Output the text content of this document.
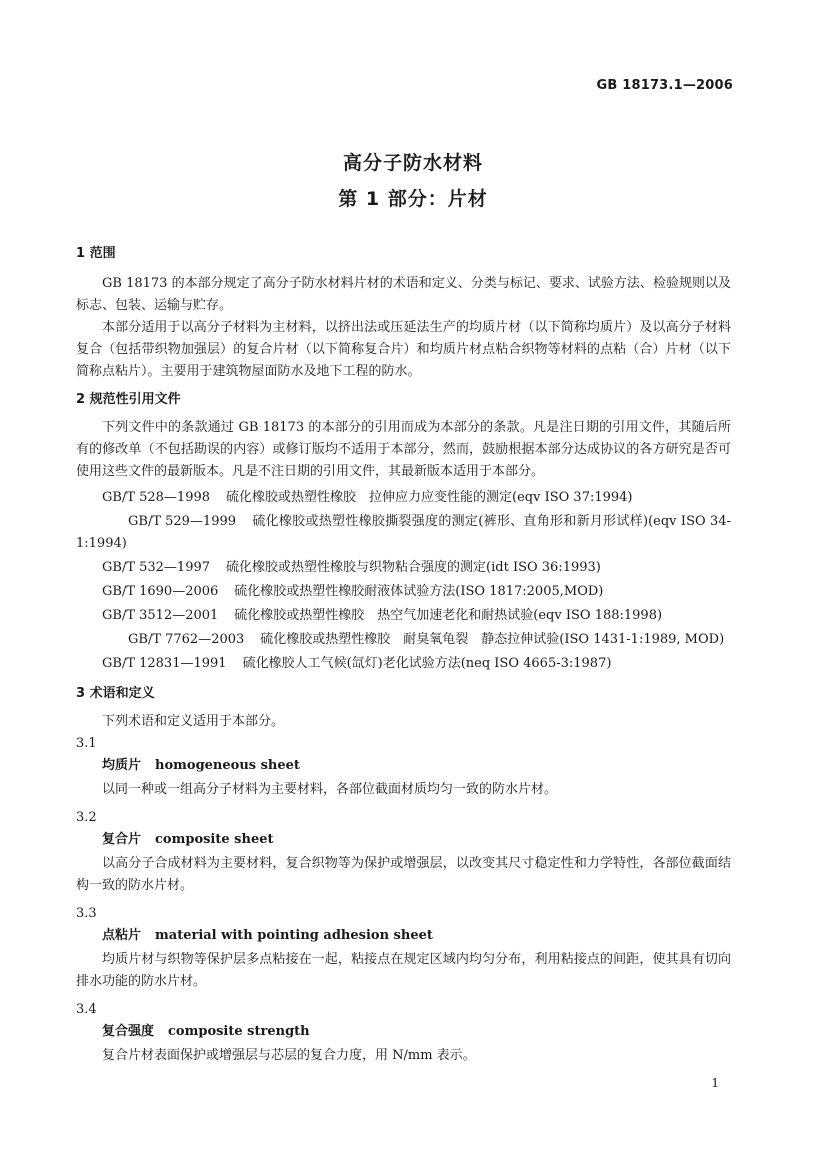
GB 18173.1—2006
高分子防水材料
第 1 部分：片材

1 范围

GB 18173 的本部分规定了高分子防水材料片材的术语和定义、分类与标记、要求、试验方法、检验规则以及标志、包装、运输与贮存。

本部分适用于以高分子材料为主材料，以挤出法或压延法生产的均质片材（以下简称均质片）及以高分子材料复合（包括带织物加强层）的复合片材（以下简称复合片）和均质片材点粘合织物等材料的点粘（合）片材（以下简称点粘片）。主要用于建筑物屋面防水及地下工程的防水。

2 规范性引用文件

下列文件中的条款通过 GB 18173 的本部分的引用而成为本部分的条款。凡是注日期的引用文件，其随后所有的修改单（不包括勘误的内容）或修订版均不适用于本部分，然而，鼓励根据本部分达成协议的各方研究是否可使用这些文件的最新版本。凡是不注日期的引用文件，其最新版本适用于本部分。

GB/T 528—1998 硫化橡胶或热塑性橡胶　拉伸应力应变性能的测定(eqv ISO 37:1994)

GB/T 529—1999 硫化橡胶或热塑性橡胶撕裂强度的测定(裤形、直角形和新月形试样)(eqv ISO 34-1:1994)

GB/T 532—1997 硫化橡胶或热塑性橡胶与织物粘合强度的测定(idt ISO 36:1993)

GB/T 1690—2006 硫化橡胶或热塑性橡胶耐液体试验方法(ISO 1817:2005,MOD)

GB/T 3512—2001 硫化橡胶或热塑性橡胶　热空气加速老化和耐热试验(eqv ISO 188:1998)

GB/T 7762—2003 硫化橡胶或热塑性橡胶　耐臭氧龟裂　静态拉伸试验(ISO 1431-1:1989, MOD)

GB/T 12831—1991 硫化橡胶人工气候(氙灯)老化试验方法(neq ISO 4665-3:1987)

3 术语和定义

下列术语和定义适用于本部分。

3.1

均质片 homogeneous sheet

以同一种或一组高分子材料为主要材料，各部位截面材质均匀一致的防水片材。

3.2

复合片 composite sheet

以高分子合成材料为主要材料，复合织物等为保护或增强层，以改变其尺寸稳定性和力学特性，各部位截面结构一致的防水片材。

3.3

点粘片 material with pointing adhesion sheet

均质片材与织物等保护层多点粘接在一起，粘接点在规定区域内均匀分布，利用粘接点的间距，使其具有切向排水功能的防水片材。

3.4

复合强度 composite strength

复合片材表面保护或增强层与芯层的复合力度，用 N/mm 表示。

1
